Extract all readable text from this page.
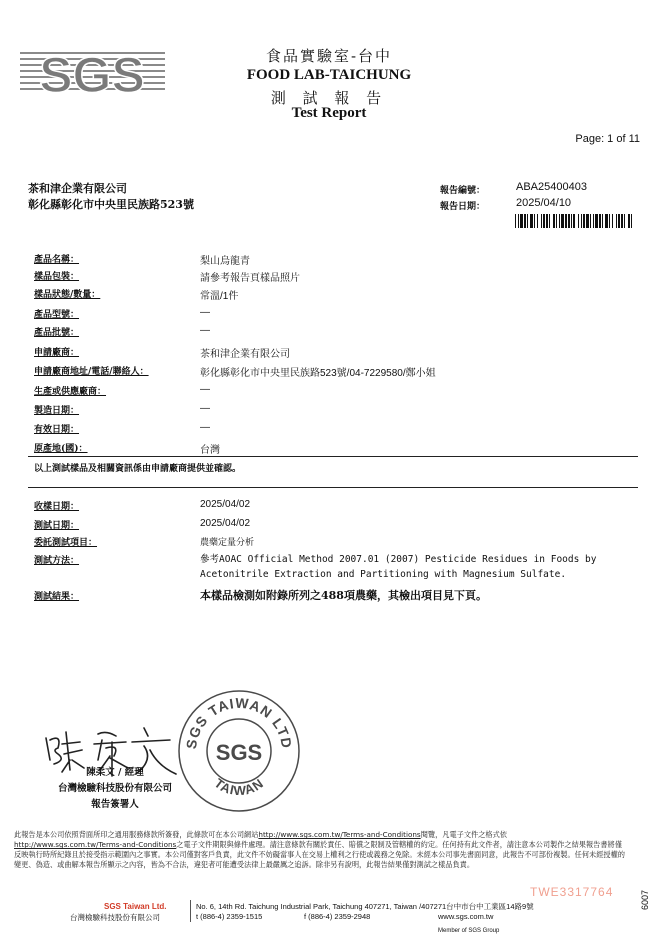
SGS	食品實驗室-台中
FOOD LAB-TAICHUNG
測 試 報 告
Test Report
Page: 1 of 11
茶和津企業有限公司
彰化縣彰化市中央里民族路523號
報告編號：	ABA25400403
報告日期：	2025/04/10
產品名稱：	梨山烏龍青
樣品包裝：	請參考報告頁樣品照片
樣品狀態/數量：	常溫/1件
產品型號：	—
產品批號：	—
申請廠商：	茶和津企業有限公司
申請廠商地址/電話/聯絡人：	彰化縣彰化市中央里民族路523號/04-7229580/鄭小姐
生產或供應廠商：	—
製造日期：	—
有效日期：	—
原產地(國)：	台灣
以上測試樣品及相關資訊係由申請廠商提供並確認。
收樣日期：	2025/04/02
測試日期：	2025/04/02
委託測試項目：	農藥定量分析
測試方法：	參考AOAC Official Method 2007.01 (2007) Pesticide Residues in Foods by Acetonitrile Extraction and Partitioning with Magnesium Sulfate.
測試結果：	本樣品檢測如附錄所列之488項農藥，其檢出項目見下頁。
陳柔文 / 經理
台灣檢驗科技股份有限公司
報告簽署人
SGS TAIWAN LTD
SGS
TAIWAN
此報告是本公司依照背面所印之通用服務條款所簽發，此條款可在本公司網站http://www.sgs.com.tw/Terms-and-Conditions閱覽，凡電子文件之格式依
http://www.sgs.com.tw/Terms-and-Conditions之電子文件期限與條件處理。請注意條款有關於責任、賠償之限制及管轄權的約定。任何持有此文件者，請注意本公司製作之結果報告書將僅反映執行時所紀錄且於接受指示範圍內之事實。本公司僅對客戶負責，此文件不妨礙當事人在交易上權利之行使或義務之免除。未經本公司事先書面同意，此報告不可部份複製。任何未經授權的變更、偽造、或曲解本報告所顯示之內容，皆為不合法，違犯者可能遭受法律上最嚴厲之追訴。除非另有說明，此報告結果僅對測試之樣品負責。
TWE3317764
SGS Taiwan Ltd.
台灣檢驗科技股份有限公司
No. 6, 14th Rd. Taichung Industrial Park, Taichung 407271, Taiwan /407271台中市台中工業區14路9號
t (886-4) 2359-1515	f (886-4) 2359-2948	www.sgs.com.tw
Member of SGS Group
6007
